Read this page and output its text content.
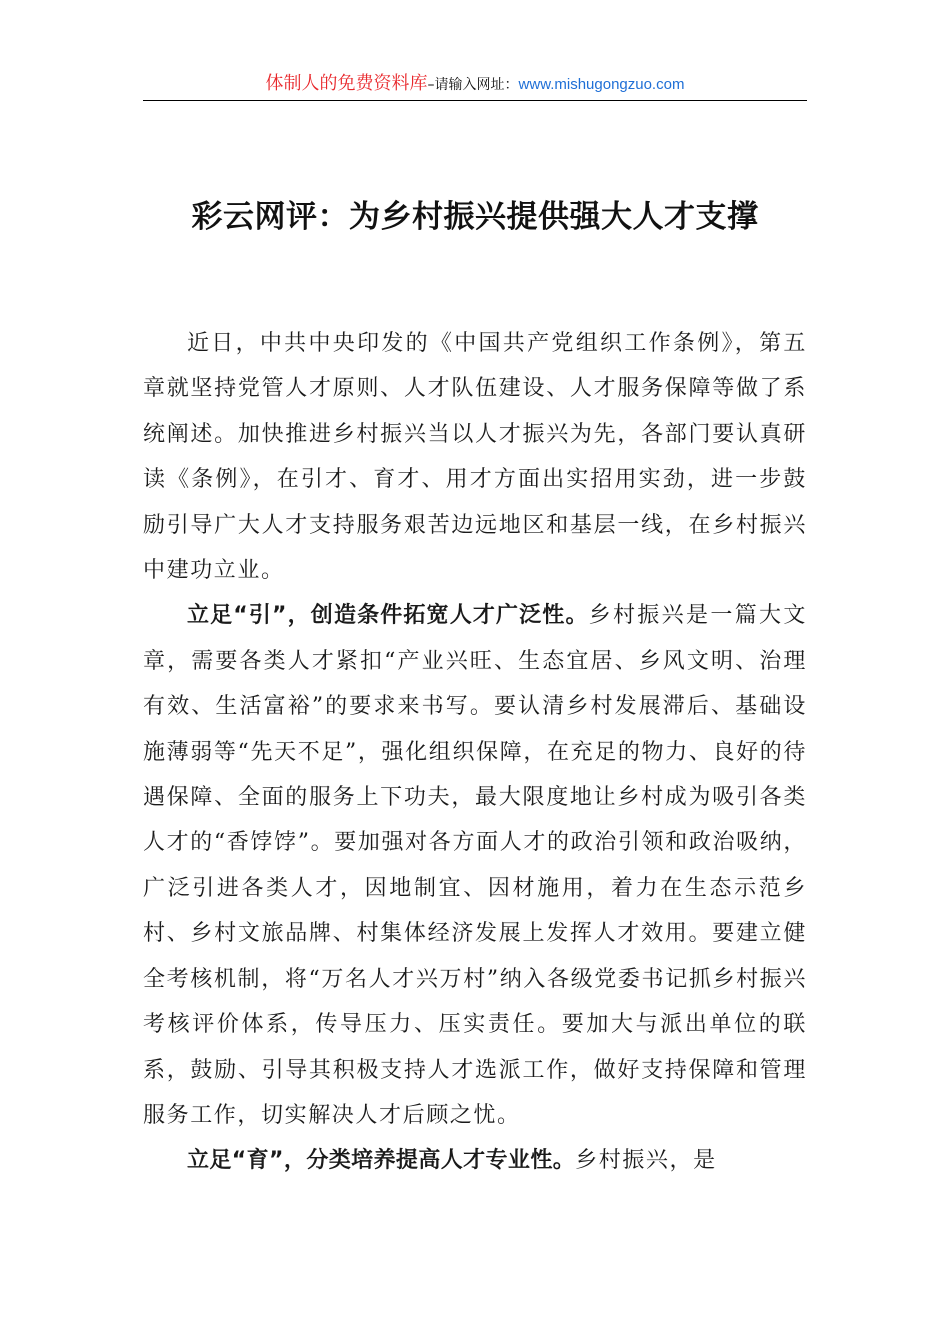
体制人的免费资料库–请输入网址：www.mishugongzuo.com
彩云网评：为乡村振兴提供强大人才支撑

近日，中共中央印发的《中国共产党组织工作条例》，第五章就坚持党管人才原则、人才队伍建设、人才服务保障等做了系统阐述。加快推进乡村振兴当以人才振兴为先，各部门要认真研读《条例》，在引才、育才、用才方面出实招用实劲，进一步鼓励引导广大人才支持服务艰苦边远地区和基层一线，在乡村振兴中建功立业。

立足“引”，创造条件拓宽人才广泛性。乡村振兴是一篇大文章，需要各类人才紧扣“产业兴旺、生态宜居、乡风文明、治理有效、生活富裕”的要求来书写。要认清乡村发展滞后、基础设施薄弱等“先天不足”，强化组织保障，在充足的物力、良好的待遇保障、全面的服务上下功夫，最大限度地让乡村成为吸引各类人才的“香饽饽”。要加强对各方面人才的政治引领和政治吸纳，广泛引进各类人才，因地制宜、因材施用，着力在生态示范乡村、乡村文旅品牌、村集体经济发展上发挥人才效用。要建立健全考核机制，将“万名人才兴万村”纳入各级党委书记抓乡村振兴考核评价体系，传导压力、压实责任。要加大与派出单位的联系，鼓励、引导其积极支持人才选派工作，做好支持保障和管理服务工作，切实解决人才后顾之忧。

立足“育”，分类培养提高人才专业性。乡村振兴，是
